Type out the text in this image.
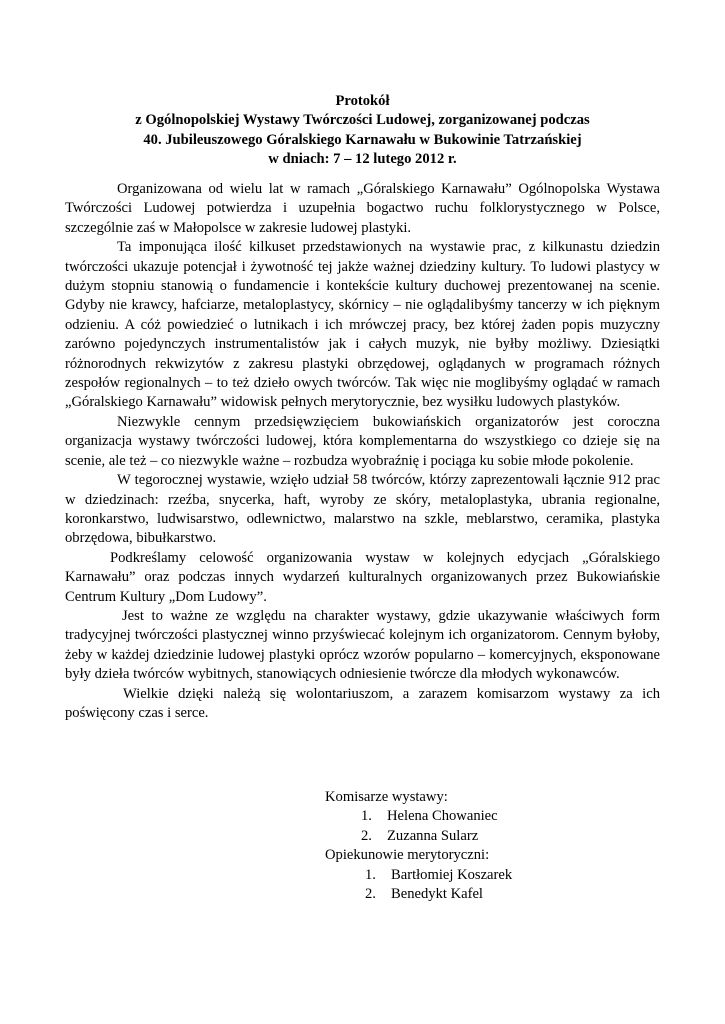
Protokół
z Ogólnopolskiej Wystawy Twórczości Ludowej, zorganizowanej podczas
40. Jubileuszowego Góralskiego Karnawału w Bukowinie Tatrzańskiej
w dniach: 7 – 12 lutego 2012 r.

Organizowana od wielu lat w ramach „Góralskiego Karnawału” Ogólnopolska Wystawa Twórczości Ludowej potwierdza i uzupełnia bogactwo ruchu folklorystycznego w Polsce, szczególnie zaś w Małopolsce w zakresie ludowej plastyki.

Ta imponująca ilość kilkuset przedstawionych na wystawie prac, z kilkunastu dziedzin twórczości ukazuje potencjał i żywotność tej jakże ważnej dziedziny kultury. To ludowi plastycy w dużym stopniu stanowią o fundamencie i kontekście kultury duchowej prezentowanej na scenie. Gdyby nie krawcy, hafciarze, metaloplastycy, skórnicy – nie oglądalibyśmy tancerzy w ich pięknym odzieniu. A cóż powiedzieć o lutnikach i ich mrówczej pracy, bez której żaden popis muzyczny zarówno pojedynczych instrumentalistów jak i całych muzyk, nie byłby możliwy. Dziesiątki różnorodnych rekwizytów z zakresu plastyki obrzędowej, oglądanych w programach różnych zespołów regionalnych – to też dzieło owych twórców. Tak więc nie moglibyśmy oglądać w ramach „Góralskiego Karnawału” widowisk pełnych merytorycznie, bez wysiłku ludowych plastyków.

Niezwykle cennym przedsięwzięciem bukowiańskich organizatorów jest coroczna organizacja wystawy twórczości ludowej, która komplementarna do wszystkiego co dzieje się na scenie, ale też – co niezwykle ważne – rozbudza wyobraźnię i pociąga ku sobie młode pokolenie.

W tegorocznej wystawie, wzięło udział 58 twórców, którzy zaprezentowali łącznie 912 prac w dziedzinach: rzeźba, snycerka, haft, wyroby ze skóry, metaloplastyka, ubrania regionalne, koronkarstwo, ludwisarstwo, odlewnictwo, malarstwo na szkle, meblarstwo, ceramika, plastyka obrzędowa, bibułkarstwo.

Podkreślamy celowość organizowania wystaw w kolejnych edycjach „Góralskiego Karnawału” oraz podczas innych wydarzeń kulturalnych organizowanych przez Bukowiańskie Centrum Kultury „Dom Ludowy”.

Jest to ważne ze względu na charakter wystawy, gdzie ukazywanie właściwych form tradycyjnej twórczości plastycznej winno przyświecać kolejnym ich organizatorom. Cennym byłoby, żeby w każdej dziedzinie ludowej plastyki oprócz wzorów popularno – komercyjnych, eksponowane były dzieła twórców wybitnych, stanowiących odniesienie twórcze dla młodych wykonawców.

Wielkie dzięki należą się wolontariuszom, a zarazem komisarzom wystawy za ich poświęcony czas i serce.

Komisarze wystawy:
1. Helena Chowaniec
2. Zuzanna Sularz
Opiekunowie merytoryczni:
1. Bartłomiej Koszarek
2. Benedykt Kafel
